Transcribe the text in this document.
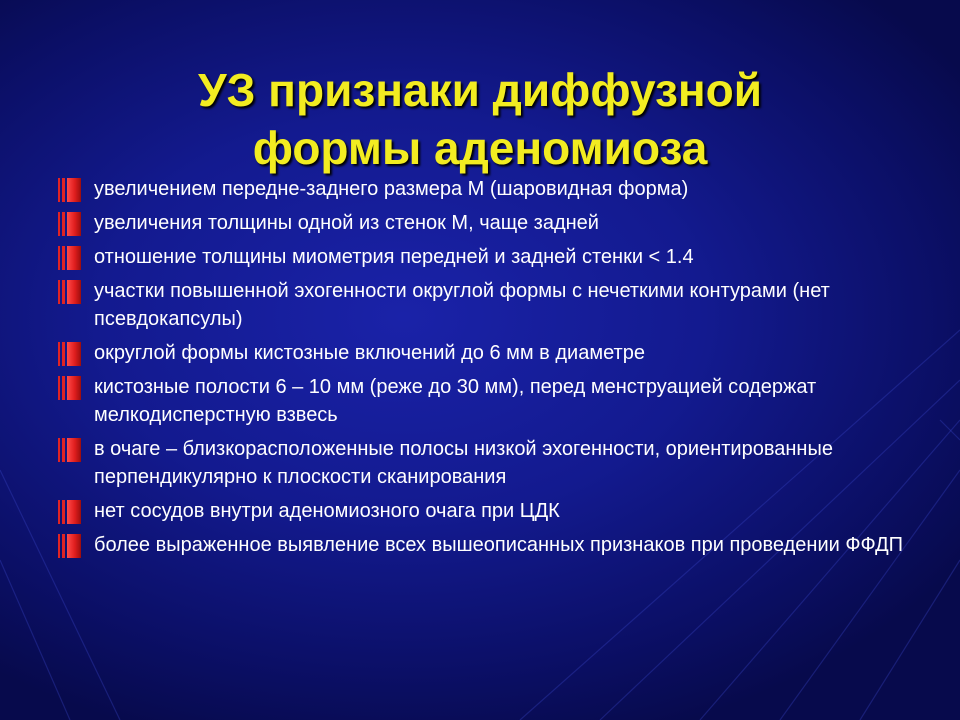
УЗ признаки диффузной
формы аденомиоза
увеличением передне-заднего размера М (шаровидная форма)
увеличения толщины одной из стенок М, чаще задней
отношение толщины миометрия передней и задней стенки < 1.4
участки повышенной эхогенности округлой формы с нечеткими контурами (нет псевдокапсулы)
округлой формы кистозные включений до 6 мм в диаметре
кистозные полости 6 – 10 мм (реже до 30 мм), перед менструацией содержат мелкодисперстную взвесь
в очаге – близкорасположенные полосы низкой эхогенности, ориентированные перпендикулярно к плоскости сканирования
нет сосудов внутри аденомиозного очага при ЦДК
более выраженное выявление всех вышеописанных признаков при проведении ФФДП
